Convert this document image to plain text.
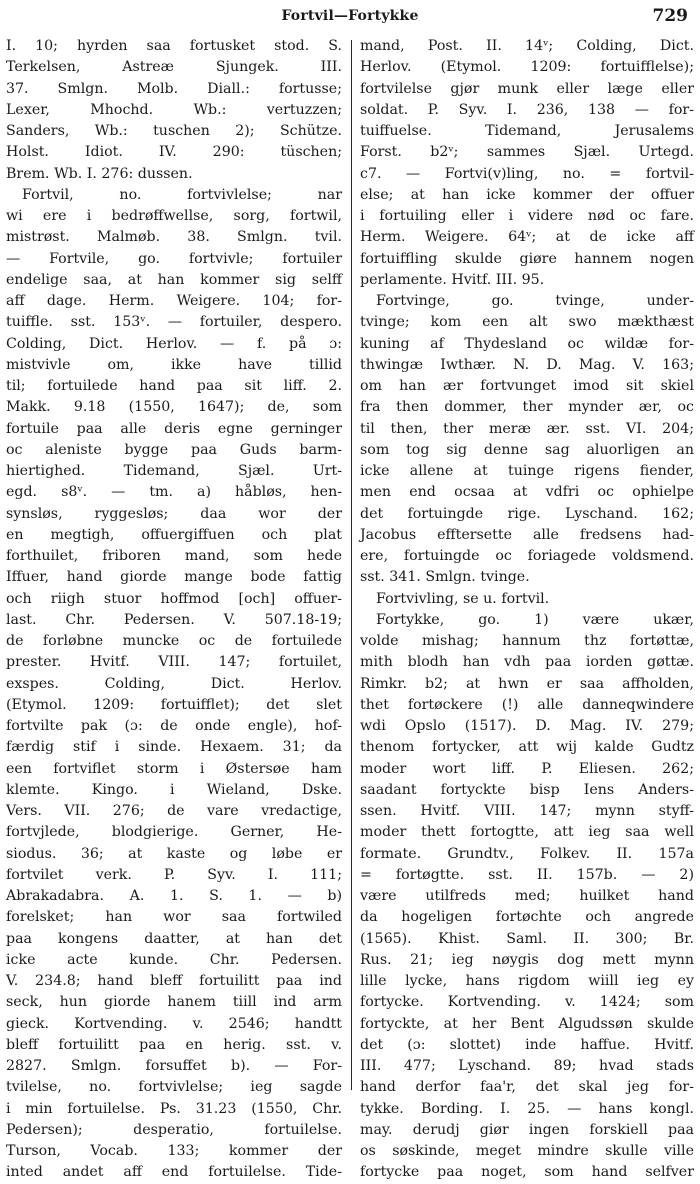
Fortvil—Fortykke	729
I. 10; hyrden saa fortusket stod. S.
Terkelsen, Astreæ Sjungek. III.
37. Smlgn. Molb. Diall.: fortusse;
Lexer, Mhochd. Wb.: vertuzzen;
Sanders, Wb.: tuschen 2); Schütze.
Holst. Idiot. IV. 290: tüschen;
Brem. Wb. I. 276: dussen.
Fortvil, no. fortvivlelse; nar
wi ere i bedrøffwellse, sorg, fortwil,
mistrøst. Malmøb. 38. Smlgn. tvil.
— Fortvile, go. fortvivle; fortuiler
endelige saa, at han kommer sig selff
aff dage. Herm. Weigere. 104; for-
tuiffle. sst. 153ᵛ. — fortuiler, despero.
Colding, Dict. Herlov. — f. på ɔ:
mistvivle om, ikke have tillid
til; fortuilede hand paa sit liff. 2.
Makk. 9.18 (1550, 1647); de, som
fortuile paa alle deris egne gerninger
oc aleniste bygge paa Guds barm-
hiertighed. Tidemand, Sjæl. Urt-
egd. s8ᵛ. — tm. a) håbløs, hen-
synsløs, ryggesløs; daa wor der
en megtigh, offuergiffuen och plat
forthuilet, friboren mand, som hede
Iffuer, hand giorde mange bode fattig
och riigh stuor hoffmod [och] offuer-
last. Chr. Pedersen. V. 507.18-19;
de forløbne muncke oc de fortuilede
prester. Hvitf. VIII. 147; fortuilet,
exspes. Colding, Dict. Herlov.
(Etymol. 1209: fortuifflet); det slet
fortvilte pak (ɔ: de onde engle), hof-
færdig stif i sinde. Hexaem. 31; da
een fortviflet storm i Østersøe ham
klemte. Kingo. i Wieland, Dske.
Vers. VII. 276; de vare vredactige,
fortvjlede, blodgierige. Gerner, He-
siodus. 36; at kaste og løbe er
fortvilet verk. P. Syv. I. 111;
Abrakadabra. A. 1. S. 1. — b)
forelsket; han wor saa fortwiled
paa kongens daatter, at han det
icke acte kunde. Chr. Pedersen.
V. 234.8; hand bleff fortuilitt paa ind
seck, hun giorde hanem tiill ind arm
gieck. Kortvending. v. 2546; handtt
bleff fortuilitt paa en herig. sst. v.
2827. Smlgn. forsuffet b). — For-
tvilelse, no. fortvivlelse; ieg sagde
i min fortuilelse. Ps. 31.23 (1550, Chr.
Pedersen); desperatio, fortuilelse.
Turson, Vocab. 133; kommer der
inted andet aff end fortuilelse. Tide-
mand, Post. II. 14ᵛ; Colding, Dict.
Herlov. (Etymol. 1209: fortuifflelse);
fortvilelse gjør munk eller læge eller
soldat. P. Syv. I. 236, 138 — for-
tuiffuelse. Tidemand, Jerusalems
Forst. b2ᵛ; sammes Sjæl. Urtegd.
c7. — Fortvi(v)ling, no. = fortvil-
else; at han icke kommer der offuer
i fortuiling eller i videre nød oc fare.
Herm. Weigere. 64ᵛ; at de icke aff
fortuiffling skulde giøre hannem nogen
perlamente. Hvitf. III. 95.
Fortvinge, go. tvinge, under-
tvinge; kom een alt swo mækthæst
kuning af Thydesland oc wildæ for-
thwingæ Iwthær. N. D. Mag. V. 163;
om han ær fortvunget imod sit skiel
fra then dommer, ther mynder ær, oc
til then, ther meræ ær. sst. VI. 204;
som tog sig denne sag aluorligen an
icke allene at tuinge rigens fiender,
men end ocsaa at vdfri oc ophielpe
det fortuingde rige. Lyschand. 162;
Jacobus efftersette alle fredsens had-
ere, fortuingde oc foriagede voldsmend.
sst. 341. Smlgn. tvinge.
Fortvivling, se u. fortvil.
Fortykke, go. 1) være ukær,
volde mishag; hannum thz fortøttæ,
mith blodh han vdh paa iorden gøttæ.
Rimkr. b2; at hwn er saa affholden,
thet fortøckere (!) alle danneqwindere
wdi Opslo (1517). D. Mag. IV. 279;
thenom fortycker, att wij kalde Gudtz
moder wort liff. P. Eliesen. 262;
saadant fortyckte bisp Iens Anders-
ssen. Hvitf. VIII. 147; mynn styff-
moder thett fortogtte, att ieg saa well
formate. Grundtv., Folkev. II. 157a
= fortøgtte. sst. II. 157b. — 2)
være utilfreds med; huilket hand
da hogeligen fortøchte och angrede
(1565). Khist. Saml. II. 300; Br.
Rus. 21; ieg nøygis dog mett mynn
lille lycke, hans rigdom wiill ieg ey
fortycke. Kortvending. v. 1424; som
fortyckte, at her Bent Algudssøn skulde
det (ɔ: slottet) inde haffue. Hvitf.
III. 477; Lyschand. 89; hvad stads
hand derfor faa'r, det skal jeg for-
tykke. Bording. I. 25. — hans kongl.
may. derudj giør ingen forskiell paa
os søskinde, meget mindre skulle ville
fortycke paa noget, som hand selfver
